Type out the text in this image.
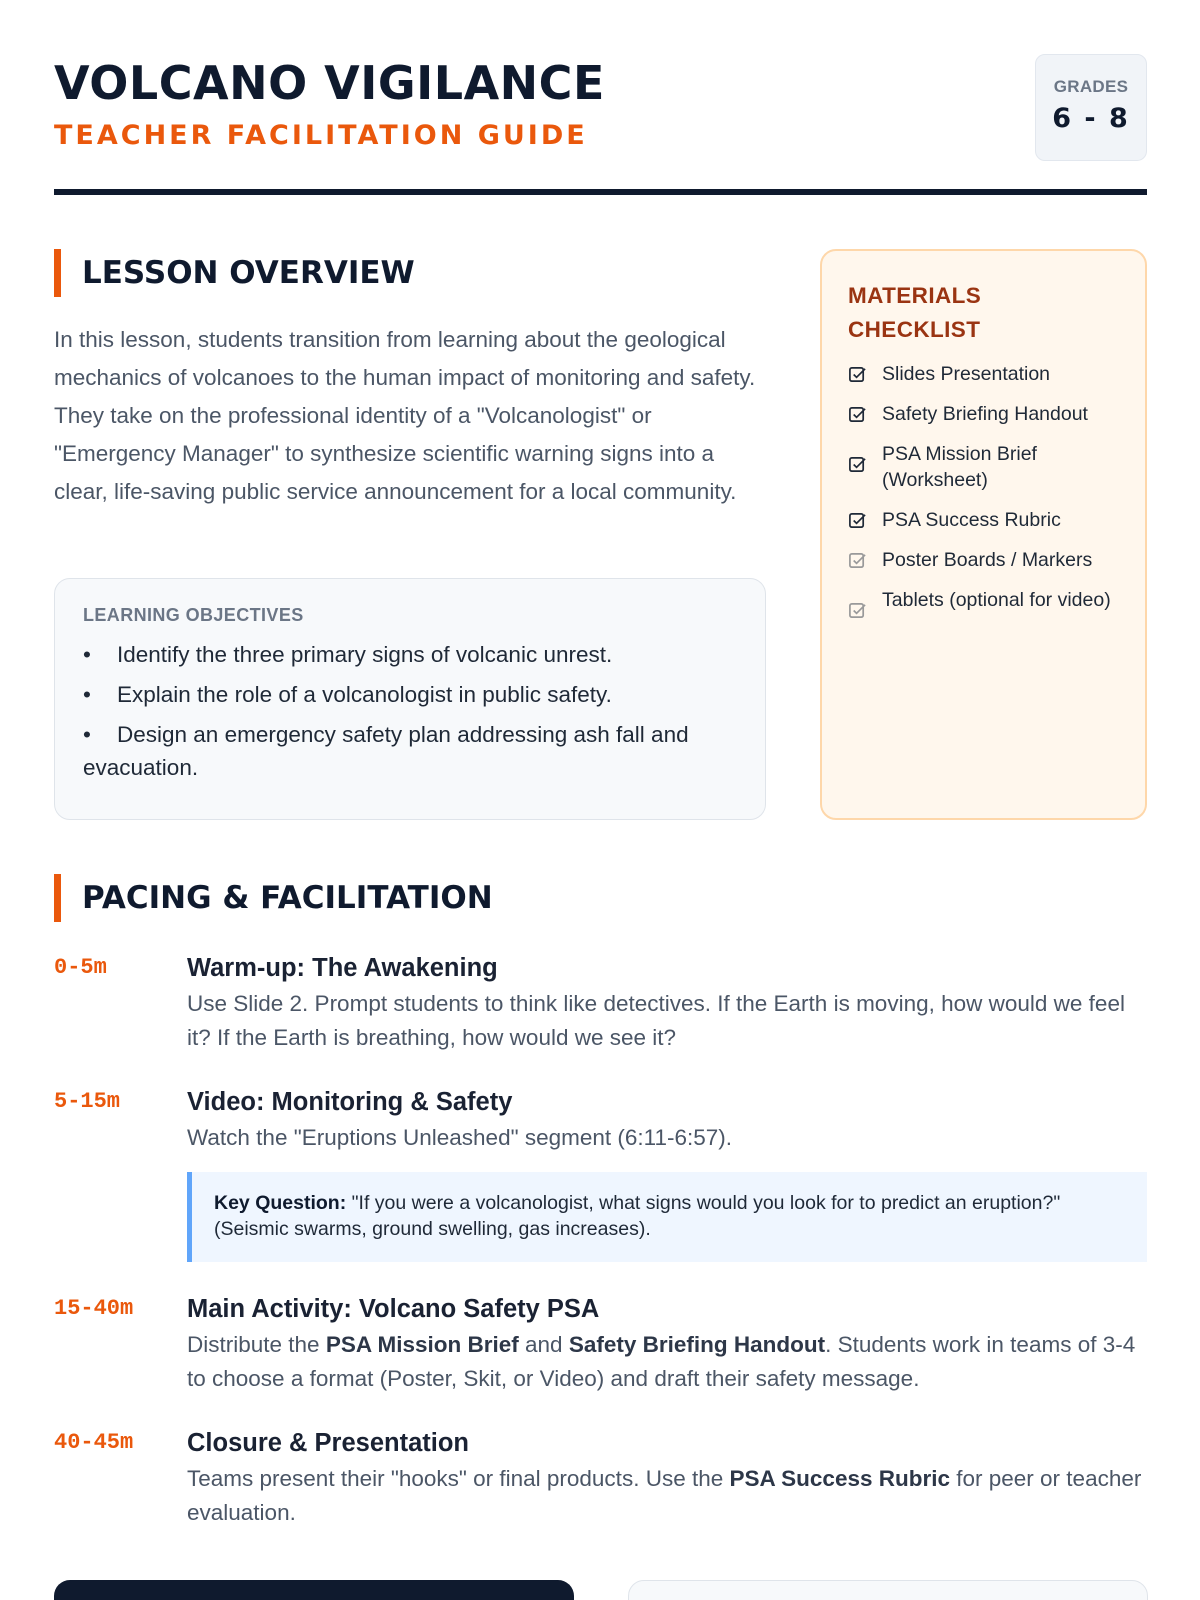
VOLCANO VIGILANCE
TEACHER FACILITATION GUIDE
GRADES
6 - 8
LESSON OVERVIEW

In this lesson, students transition from learning about the geological mechanics of volcanoes to the human impact of monitoring and safety. They take on the professional identity of a "Volcanologist" or "Emergency Manager" to synthesize scientific warning signs into a clear, life-saving public service announcement for a local community.

LEARNING OBJECTIVES
• Identify the three primary signs of volcanic unrest.
• Explain the role of a volcanologist in public safety.
• Design an emergency safety plan addressing ash fall and evacuation.
MATERIALS CHECKLIST
Slides Presentation
Safety Briefing Handout
PSA Mission Brief (Worksheet)
PSA Success Rubric
Poster Boards / Markers
Tablets (optional for video)
PACING & FACILITATION
0-5m	Warm-up: The Awakening
Use Slide 2. Prompt students to think like detectives. If the Earth is moving, how would we feel it? If the Earth is breathing, how would we see it?
5-15m	Video: Monitoring & Safety
Watch the "Eruptions Unleashed" segment (6:11-6:57).
Key Question: "If you were a volcanologist, what signs would you look for to predict an eruption?" (Seismic swarms, ground swelling, gas increases).
15-40m Main Activity: Volcano Safety PSA
Distribute the PSA Mission Brief and Safety Briefing Handout. Students work in teams of 3-4 to choose a format (Poster, Skit, or Video) and draft their safety message.
40-45m Closure & Presentation
Teams present their "hooks" or final products. Use the PSA Success Rubric for peer or teacher evaluation.
